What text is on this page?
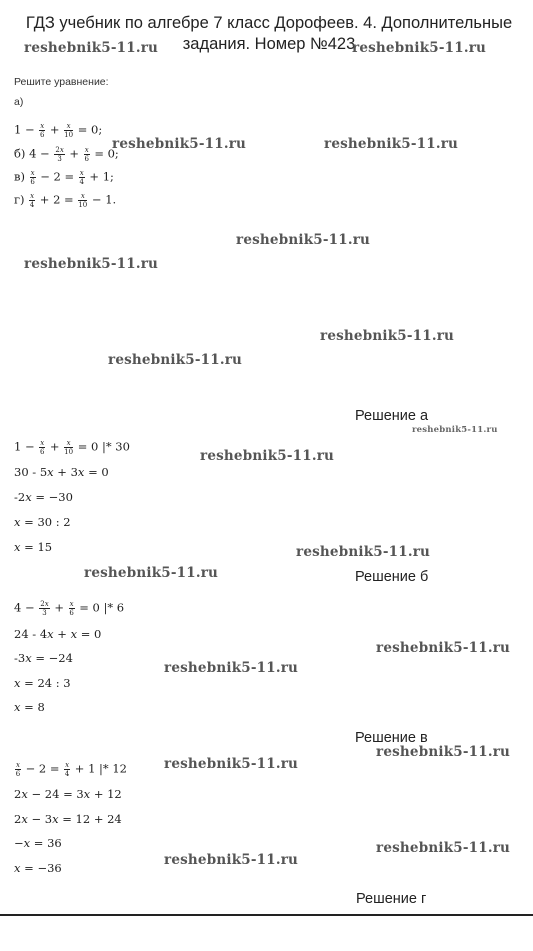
ГДЗ учебник по алгебре 7 класс Дорофеев. 4. Дополнительные задания. Номер №423
Решите уравнение:
а)
$1 - \frac{x}{6} + \frac{x}{10} = 0$;
б) $4 - \frac{2x}{3} + \frac{x}{6} = 0$;
$в) \frac{x}{6} - 2 = \frac{x}{4} + 1$;
$г) \frac{x}{4} + 2 = \frac{x}{10} - 1$.
Решение а
$1 - \frac{x}{6} + \frac{x}{10} = 0$ |* 30
30 - 5x + 3x = 0
-2x = −30
x = 30 : 2
x = 15
Решение б
$4 - \frac{2x}{3} + \frac{x}{6} = 0$ |* 6
24 - 4x + x = 0
-3x = −24
x = 24 : 3
x = 8
Решение в
$\frac{x}{6} - 2 = \frac{x}{4} + 1$ |* 12
2x − 24 = 3x + 12
2x − 3x = 12 + 24
−x = 36
x = −36
Решение г
reshebnik5-11.ru	reshebnik5-11.ru
reshebnik5-11.ru	reshebnik5-11.ru
reshebnik5-11.ru
reshebnik5-11.ru
reshebnik5-11.ru
reshebnik5-11.ru
reshebnik5-11.ru
reshebnik5-11.ru
reshebnik5-11.ru
reshebnik5-11.ru
reshebnik5-11.ru
reshebnik5-11.ru
reshebnik5-11.ru
reshebnik5-11.ru
reshebnik5-11.ru
reshebnik5-11.ru
